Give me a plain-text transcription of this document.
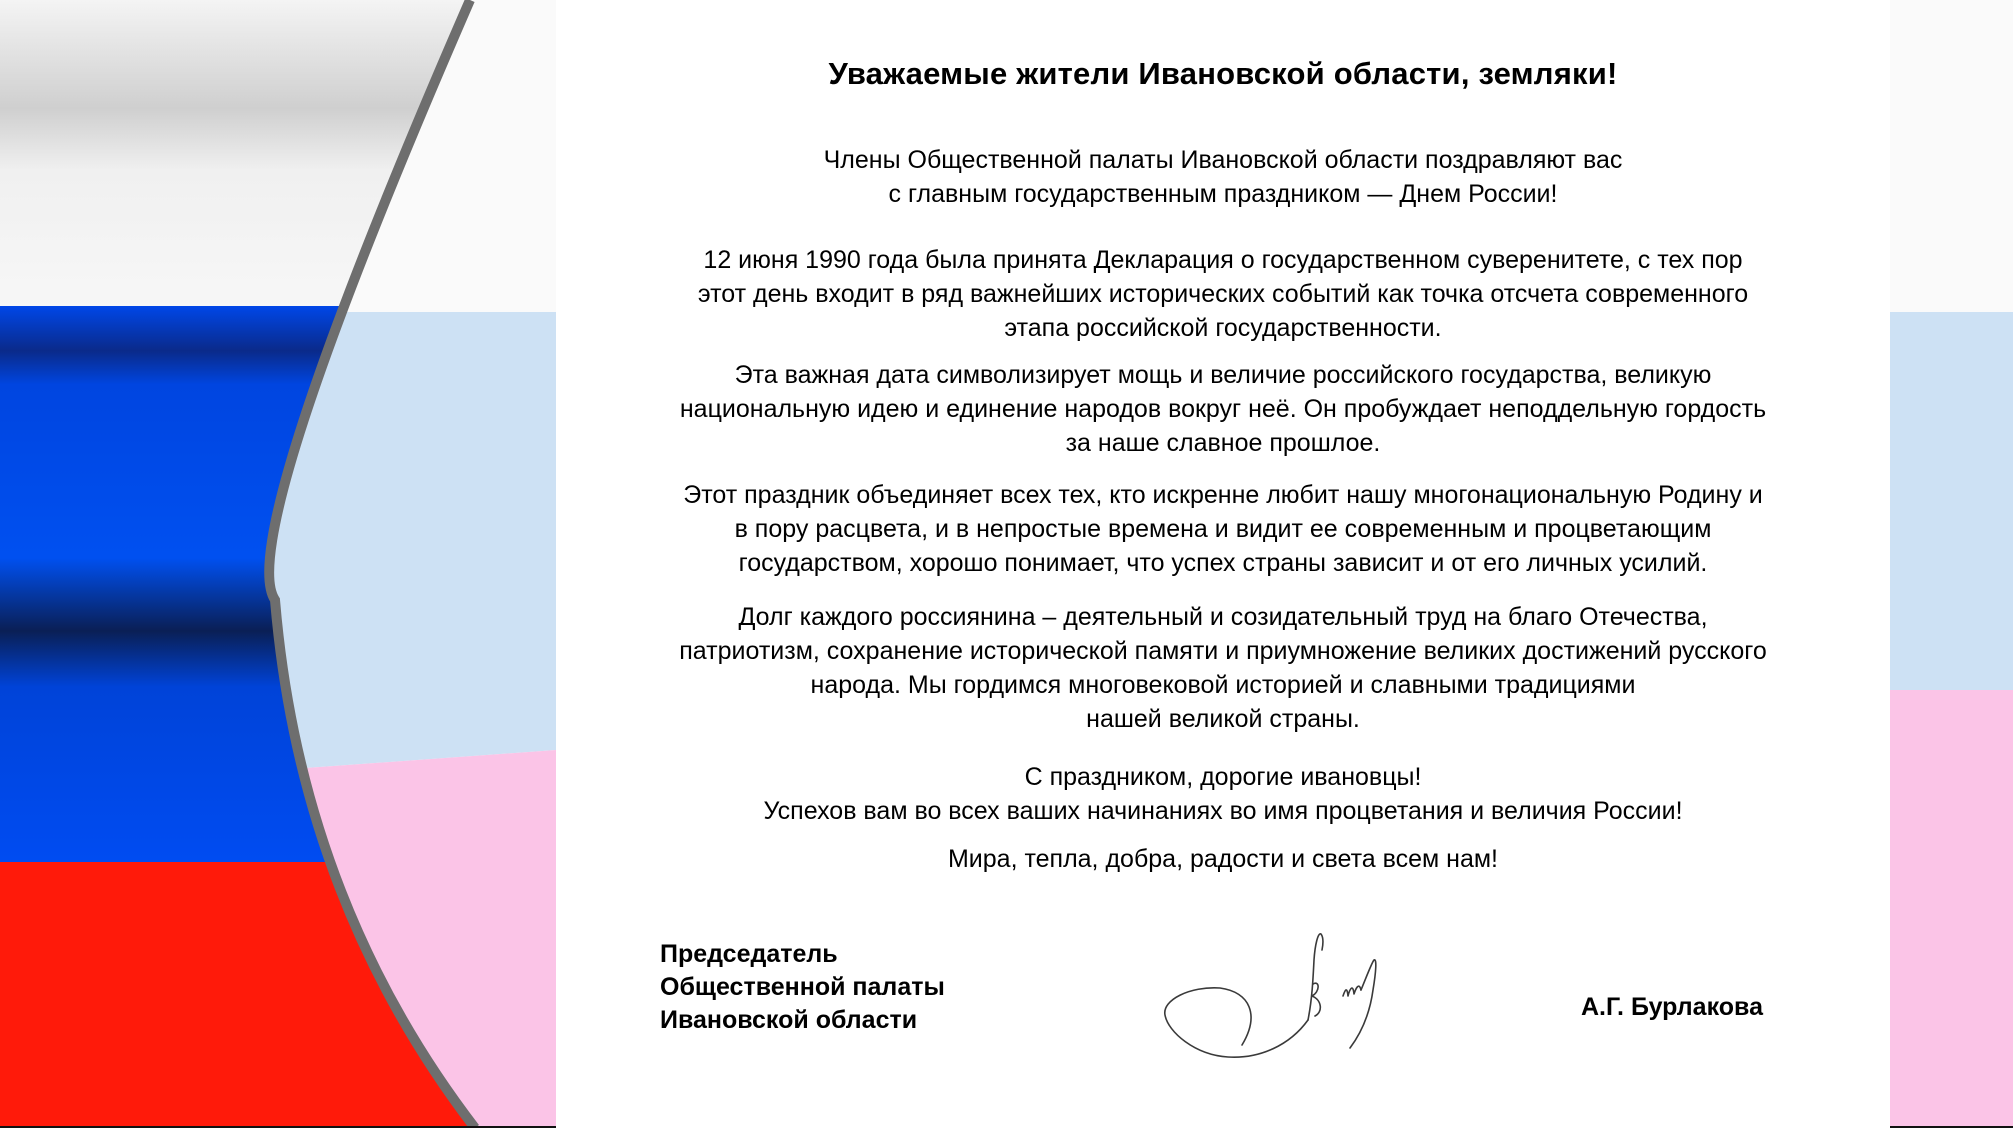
Уважаемые жители Ивановской области, земляки!
Члены Общественной палаты Ивановской области поздравляют вас
с главным государственным праздником — Днем России!
12 июня 1990 года была принята Декларация о государственном суверенитете, с тех пор
этот день входит в ряд важнейших исторических событий как точка отсчета современного
этапа российской государственности.
Эта важная дата символизирует мощь и величие российского государства, великую
национальную идею и единение народов вокруг неё. Он пробуждает неподдельную гордость
за наше славное прошлое.
Этот праздник объединяет всех тех, кто искренне любит нашу многонациональную Родину и
в пору расцвета, и в непростые времена и видит ее современным и процветающим
государством, хорошо понимает, что успех страны зависит и от его личных усилий.
Долг каждого россиянина – деятельный и созидательный труд на благо Отечества,
патриотизм, сохранение исторической памяти и приумножение великих достижений русского
народа. Мы гордимся многовековой историей и славными традициями
нашей великой страны.
С праздником, дорогие ивановцы!
Успехов вам во всех ваших начинаниях во имя процветания и величия России!
Мира, тепла, добра, радости и света всем нам!
Председатель
Общественной палаты
Ивановской области	А.Г. Бурлакова
